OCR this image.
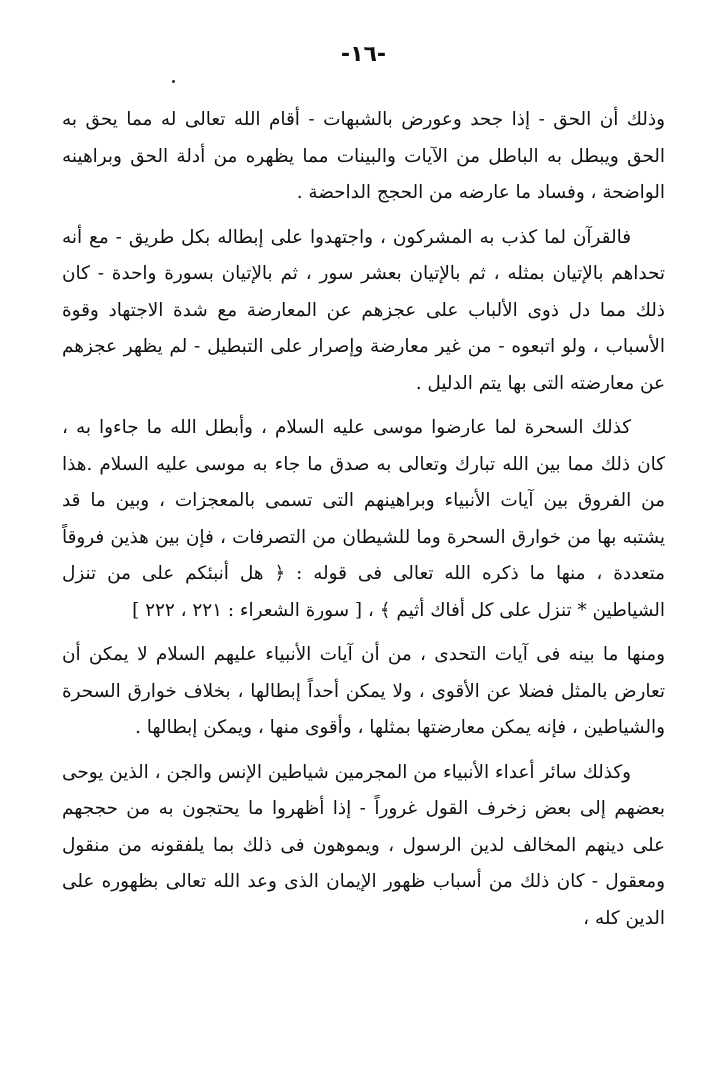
-١٦-

وذلك أن الحق - إذا جحد وعورض بالشبهات - أقام الله تعالى له مما يحق به الحق ويبطل به الباطل من الآيات والبينات مما يظهره من أدلة الحق وبراهينه الواضحة ، وفساد ما عارضه من الحجج الداحضة .

فالقرآن لما كذب به المشركون ، واجتهدوا على إبطاله بكل طريق - مع أنه تحداهم بالإتيان بمثله ، ثم بالإتيان بعشر سور ، ثم بالإتيان بسورة واحدة - كان ذلك مما دل ذوى الألباب على عجزهم عن المعارضة مع شدة الاجتهاد وقوة الأسباب ، ولو اتبعوه - من غير معارضة وإصرار على التبطيل - لم يظهر عجزهم عن معارضته التى بها يتم الدليل .

كذلك السحرة لما عارضوا موسى عليه السلام ، وأبطل الله ما جاءوا به ، كان ذلك مما بين الله تبارك وتعالى به صدق ما جاء به موسى عليه السلام .هذا من الفروق بين آيات الأنبياء وبراهينهم التى تسمى بالمعجزات ، وبين ما قد يشتبه بها من خوارق السحرة وما للشيطان من التصرفات ، فإن بين هذين فروقاً متعددة ، منها ما ذكره الله تعالى فى قوله : ﴿ هل أنبئكم على من تنزل الشياطين * تنزل على كل أفاك أثيم ﴾ ، [ سورة الشعراء : ٢٢١ ، ٢٢٢ ]

ومنها ما بينه فى آيات التحدى ، من أن آيات الأنبياء عليهم السلام لا يمكن أن تعارض بالمثل فضلا عن الأقوى ، ولا يمكن أحداً إبطالها ، بخلاف خوارق السحرة والشياطين ، فإنه يمكن معارضتها بمثلها ، وأقوى منها ، ويمكن إبطالها .

وكذلك سائر أعداء الأنبياء من المجرمين شياطين الإنس والجن ، الذين يوحى بعضهم إلى بعض زخرف القول غروراً - إذا أظهروا ما يحتجون به من حججهم على دينهم المخالف لدين الرسول ، ويموهون فى ذلك بما يلفقونه من منقول ومعقول - كان ذلك من أسباب ظهور الإيمان الذى وعد الله تعالى بظهوره على الدين كله ،
